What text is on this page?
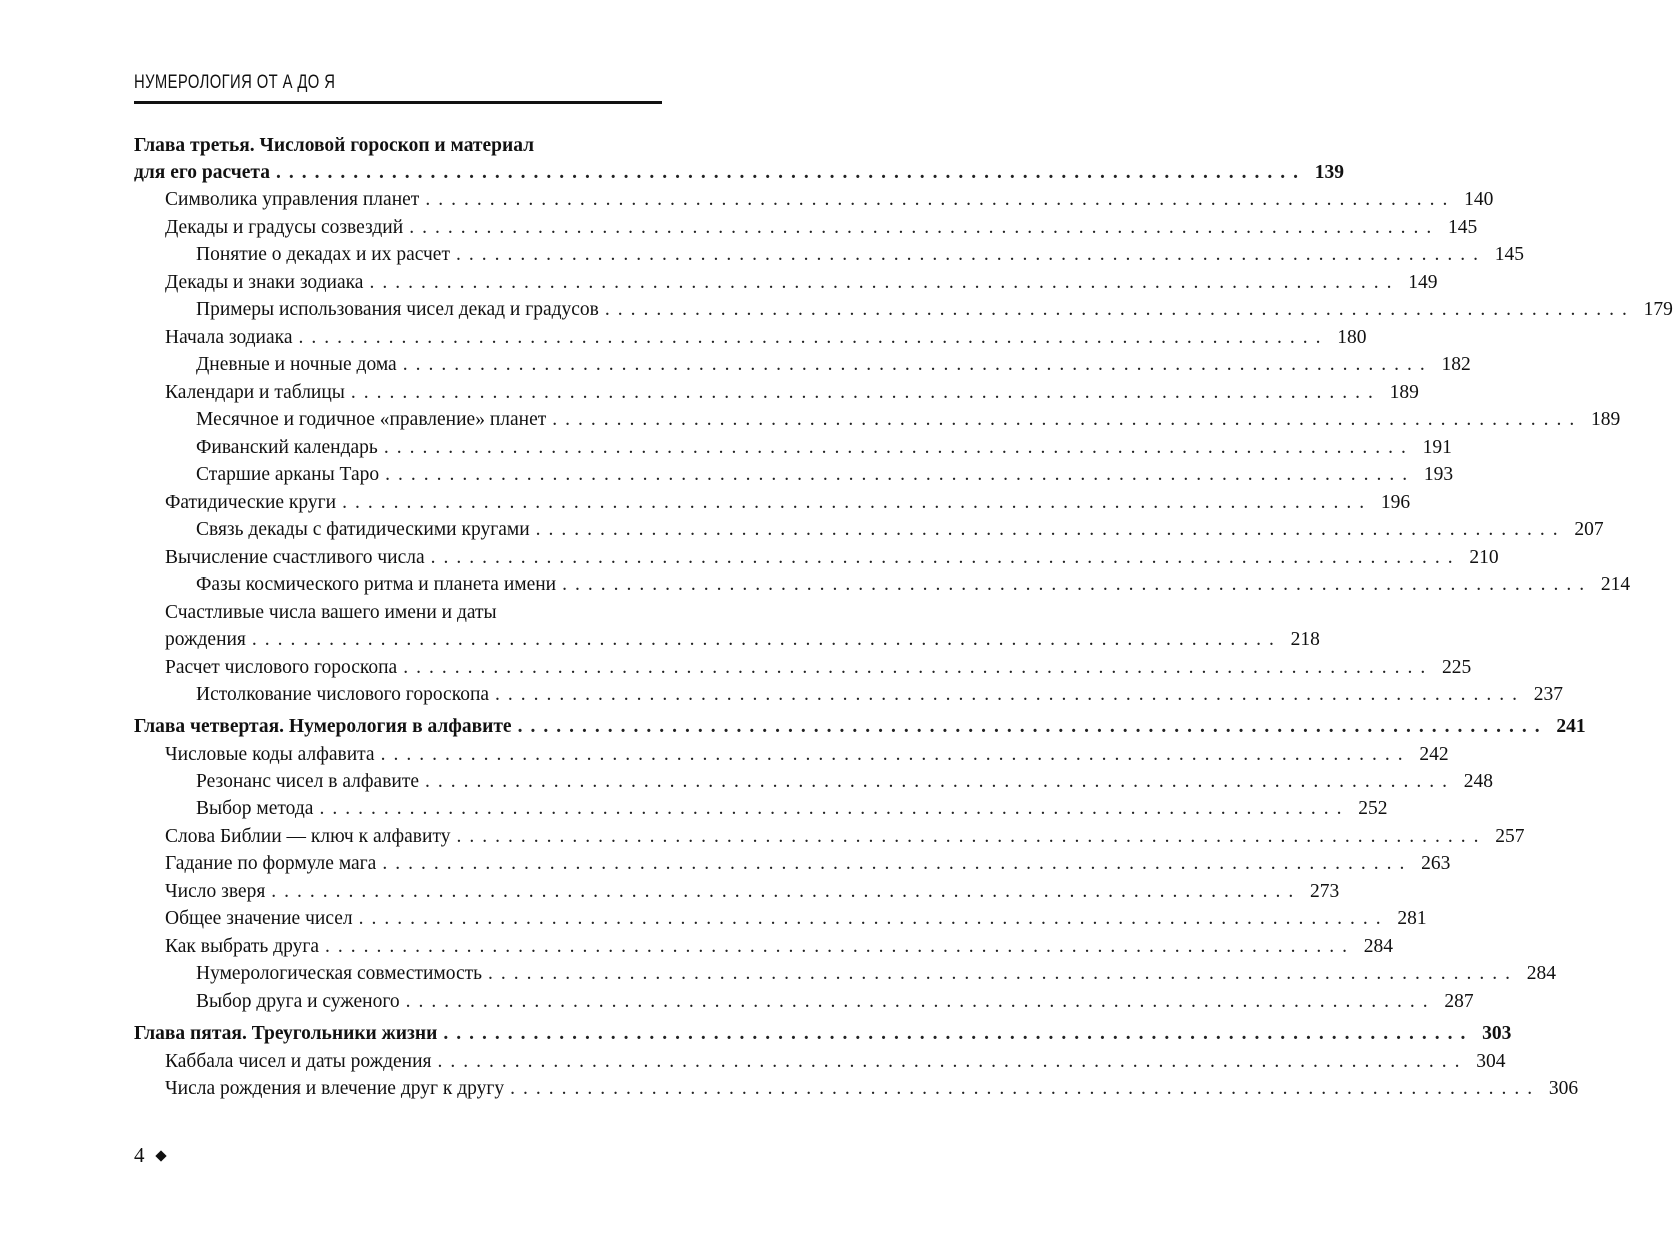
НУМЕРОЛОГИЯ ОТ А ДО Я
Глава третья. Числовой гороскоп и материал
для его расчета ................................................................................ 139
Символика управления планет ................................................................................ 140
Декады и градусы созвездий ................................................................................ 145
Понятие о декадах и их расчет ................................................................................ 145
Декады и знаки зодиака ................................................................................ 149
Примеры использования чисел декад и градусов ................................................................................ 179
Начала зодиака ................................................................................ 180
Дневные и ночные дома ................................................................................ 182
Календари и таблицы ................................................................................ 189
Месячное и годичное «правление» планет ................................................................................ 189
Фиванский календарь ................................................................................ 191
Старшие арканы Таро ................................................................................ 193
Фатидические круги ................................................................................ 196
Связь декады с фатидическими кругами ................................................................................ 207
Вычисление счастливого числа ................................................................................ 210
Фазы космического ритма и планета имени ................................................................................ 214
Счастливые числа вашего имени и даты
рождения ................................................................................ 218
Расчет числового гороскопа ................................................................................ 225
Истолкование числового гороскопа ................................................................................ 237
Глава четвертая. Нумерология в алфавите ................................................................................ 241
Числовые коды алфавита ................................................................................ 242
Резонанс чисел в алфавите ................................................................................ 248
Выбор метода ................................................................................ 252
Слова Библии — ключ к алфавиту ................................................................................ 257
Гадание по формуле мага ................................................................................ 263
Число зверя ................................................................................ 273
Общее значение чисел ................................................................................ 281
Как выбрать друга ................................................................................ 284
Нумерологическая совместимость ................................................................................ 284
Выбор друга и суженого ................................................................................ 287
Глава пятая. Треугольники жизни ................................................................................ 303
Каббала чисел и даты рождения ................................................................................ 304
Числа рождения и влечение друг к другу ................................................................................ 306
4
